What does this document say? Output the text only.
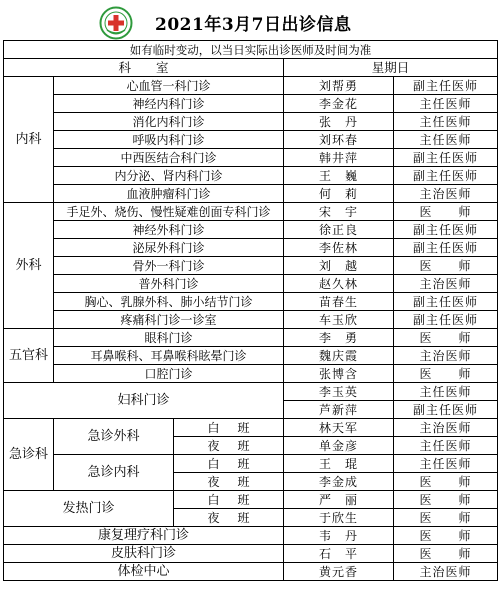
2021年3月7日出诊信息
如有临时变动，以当日实际出诊医师及时间为准				
科　　室			星期日	
内科	心血管一科门诊		刘帮勇	副主任医师
	神经内科门诊		李金花	主任医师
	消化内科门诊		张　丹	主任医师
	呼吸内科门诊		刘环春	主任医师
	中西医结合科门诊		韩井萍	副主任医师
	内分泌、肾内科门诊		王　巍	副主任医师
	血液肿瘤科门诊		何　莉	主治医师
外科	手足外、烧伤、慢性疑难创面专科门诊		宋　宇	医　　师
	神经外科门诊		徐正良	副主任医师
	泌尿外科门诊		李佐林	副主任医师
	骨外一科门诊		刘　越	医　　师
	普外科门诊		赵久林	主治医师
	胸心、乳腺外科、肺小结节门诊		苗春生	副主任医师
	疼痛科门诊一诊室		车玉欣	副主任医师
五官科	眼科门诊		李　勇	医　　师
	耳鼻喉科、耳鼻喉科眩晕门诊		魏庆霞	主治医师
	口腔门诊		张博含	医　　师
妇科门诊			李玉英	主任医师
			芦新萍	副主任医师
急诊科	急诊外科	白班	林天军	主治医师
		夜班	单金彦	主任医师
	急诊内科	白班	王　琨	主任医师
		夜班	李金成	医　　师
发热门诊		白班	严　丽	医　　师
		夜班	于欣生	医　　师
康复理疗科门诊			韦　丹	医　　师
皮肤科门诊			石　平	医　　师
体检中心			黄元香	主治医师
